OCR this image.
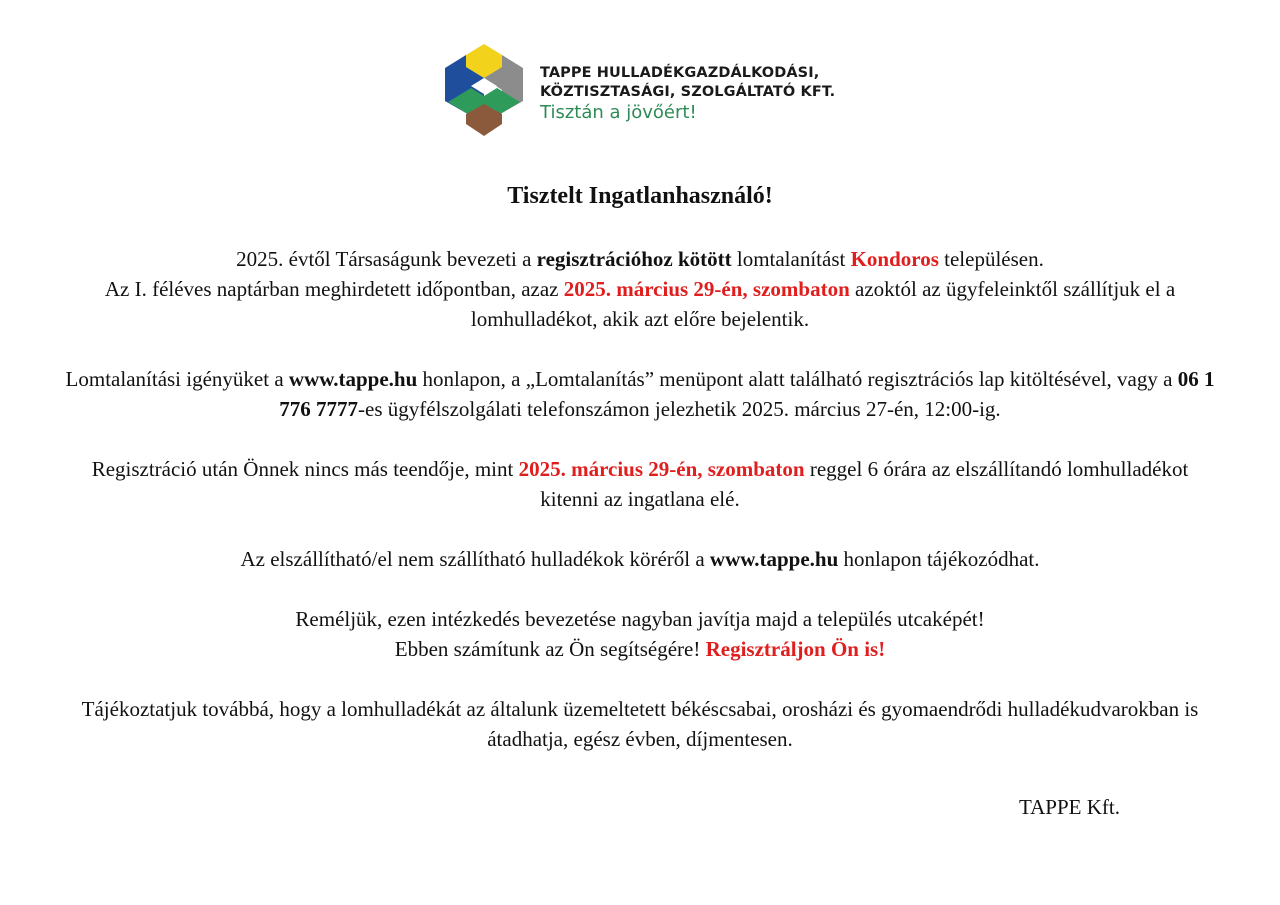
TAPPE HULLADÉKGAZDÁLKODÁSI,
KÖZTISZTASÁGI, SZOLGÁLTATÓ KFT.
Tisztán a jövőért!
Tisztelt Ingatlanhasználó!
2025. évtől Társaságunk bevezeti a regisztrációhoz kötött lomtalanítást Kondoros településen.
Az I. féléves naptárban meghirdetett időpontban, azaz 2025. március 29-én, szombaton azoktól az ügyfeleinktől szállítjuk el a lomhulladékot, akik azt előre bejelentik.
Lomtalanítási igényüket a www.tappe.hu honlapon, a „Lomtalanítás” menüpont alatt található regisztrációs lap kitöltésével, vagy a 06 1 776 7777-es ügyfélszolgálati telefonszámon jelezhetik 2025. március 27-én, 12:00-ig.
Regisztráció után Önnek nincs más teendője, mint 2025. március 29-én, szombaton reggel 6 órára az elszállítandó lomhulladékot kitenni az ingatlana elé.
Az elszállítható/el nem szállítható hulladékok köréről a www.tappe.hu honlapon tájékozódhat.
Reméljük, ezen intézkedés bevezetése nagyban javítja majd a település utcaképét!
Ebben számítunk az Ön segítségére! Regisztráljon Ön is!
Tájékoztatjuk továbbá, hogy a lomhulladékát az általunk üzemeltetett békéscsabai, orosházi és gyomaendrődi hulladékudvarokban is átadhatja, egész évben, díjmentesen.
TAPPE Kft.
